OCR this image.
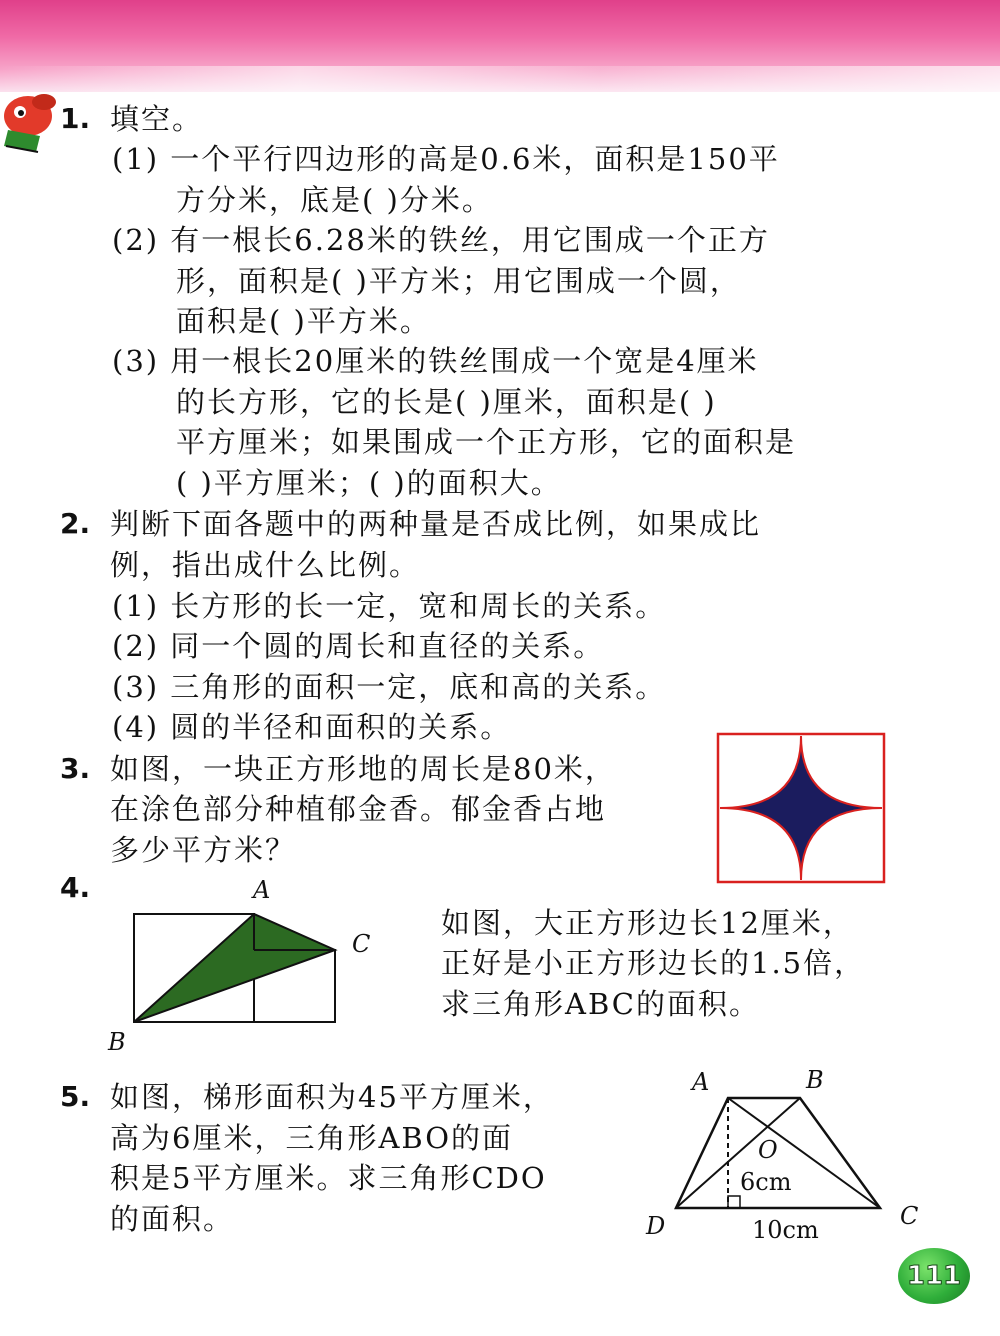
1. 填空。
(1) 一个平行四边形的高是0.6米，面积是150平
方分米，底是( )分米。
(2) 有一根长6.28米的铁丝，用它围成一个正方
形，面积是( )平方米；用它围成一个圆，
面积是( )平方米。
(3) 用一根长20厘米的铁丝围成一个宽是4厘米
的长方形，它的长是( )厘米，面积是( )
平方厘米；如果围成一个正方形，它的面积是
( )平方厘米；( )的面积大。
2. 判断下面各题中的两种量是否成比例，如果成比
例，指出成什么比例。
(1) 长方形的长一定，宽和周长的关系。
(2) 同一个圆的周长和直径的关系。
(3) 三角形的面积一定，底和高的关系。
(4) 圆的半径和面积的关系。
3. 如图，一块正方形地的周长是80米，
在涂色部分种植郁金香。郁金香占地
多少平方米？
4.	A
C
B
如图，大正方形边长12厘米，
正好是小正方形边长的1.5倍，
求三角形ABC的面积。
5. 如图，梯形面积为45平方厘米，
高为6厘米，三角形ABO的面
积是5平方厘米。求三角形CDO
的面积。
A	B
O
6cm
D	C
10cm
111
